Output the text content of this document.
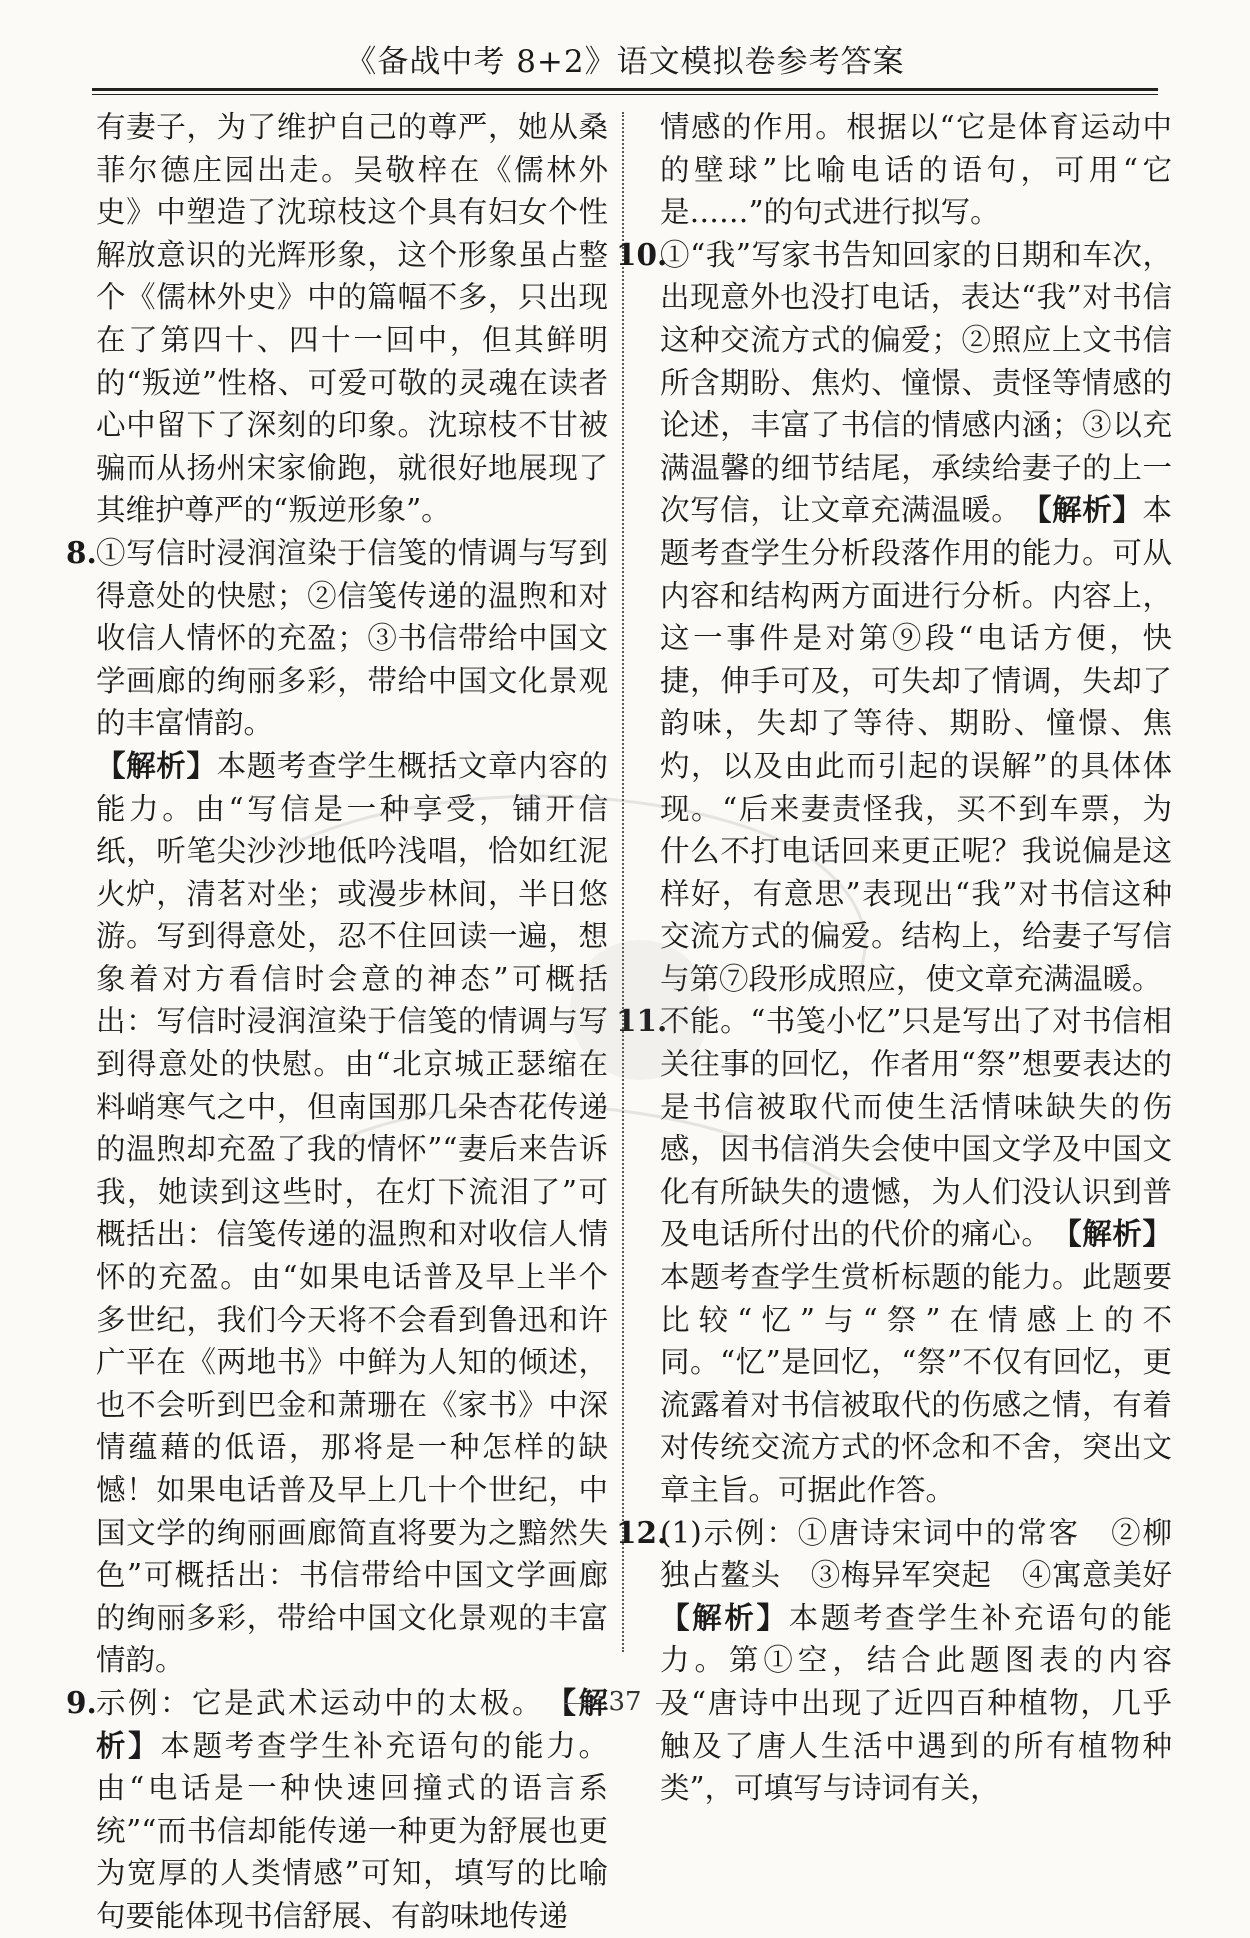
《备战中考 8+2》语文模拟卷参考答案

有妻子，为了维护自己的尊严，她从桑菲尔德庄园出走。吴敬梓在《儒林外史》中塑造了沈琼枝这个具有妇女个性解放意识的光辉形象，这个形象虽占整个《儒林外史》中的篇幅不多，只出现在了第四十、四十一回中，但其鲜明的“叛逆”性格、可爱可敬的灵魂在读者心中留下了深刻的印象。沈琼枝不甘被骗而从扬州宋家偷跑，就很好地展现了其维护尊严的“叛逆形象”。

8. ①写信时浸润渲染于信笺的情调与写到得意处的快慰；②信笺传递的温煦和对收信人情怀的充盈；③书信带给中国文学画廊的绚丽多彩，带给中国文化景观的丰富情韵。

【解析】本题考查学生概括文章内容的能力。由“写信是一种享受，铺开信纸，听笔尖沙沙地低吟浅唱，恰如红泥火炉，清茗对坐；或漫步林间，半日悠游。写到得意处，忍不住回读一遍，想象着对方看信时会意的神态”可概括出：写信时浸润渲染于信笺的情调与写到得意处的快慰。由“北京城正瑟缩在料峭寒气之中，但南国那几朵杏花传递的温煦却充盈了我的情怀”“妻后来告诉我，她读到这些时，在灯下流泪了”可概括出：信笺传递的温煦和对收信人情怀的充盈。由“如果电话普及早上半个多世纪，我们今天将不会看到鲁迅和许广平在《两地书》中鲜为人知的倾述，也不会听到巴金和萧珊在《家书》中深情蕴藉的低语，那将是一种怎样的缺憾！如果电话普及早上几十个世纪，中国文学的绚丽画廊简直将要为之黯然失色”可概括出：书信带给中国文学画廊的绚丽多彩，带给中国文化景观的丰富情韵。

9. 示例：它是武术运动中的太极。　 【解析】本题考查学生补充语句的能力。由“电话是一种快速回撞式的语言系统”“而书信却能传递一种更为舒展也更为宽厚的人类情感”可知，填写的比喻句要能体现书信舒展、有韵味地传递

情感的作用。根据以“它是体育运动中的壁球”比喻电话的语句，可用“它是……”的句式进行拟写。

10.

①“我”写家书告知回家的日期和车次，出现意外也没打电话，表达“我”对书信这种交流方式的偏爱；②照应上文书信所含期盼、焦灼、憧憬、责怪等情感的论述，丰富了书信的情感内涵；③以充满温馨的细节结尾，承续给妻子的上一次写信，让文章充满温暖。　 【解析】本题考查学生分析段落作用的能力。可从内容和结构两方面进行分析。内容上，这一事件是对第⑨段“电话方便，快捷，伸手可及，可失却了情调，失却了韵味，失却了等待、期盼、憧憬、焦灼，以及由此而引起的误解”的具体体现。“后来妻责怪我，买不到车票，为什么不打电话回来更正呢？我说偏是这样好，有意思”表现出“我”对书信这种交流方式的偏爱。结构上，给妻子写信与第⑦段形成照应，使文章充满温暖。

11.

不能。“书笺小忆”只是写出了对书信相关往事的回忆，作者用“祭”想要表达的是书信被取代而使生活情味缺失的伤感，因书信消失会使中国文学及中国文化有所缺失的遗憾，为人们没认识到普及电话所付出的代价的痛心。　 【解析】本题考查学生赏析标题的能力。此题要比较“忆”与“祭”在情感上的不同。“忆”是回忆，“祭”不仅有回忆，更流露着对书信被取代的伤感之情，有着对传统交流方式的怀念和不舍，突出文章主旨。可据此作答。

12.

(1)示例：①唐诗宋词中的常客　②柳独占鳌头　③梅异军突起　④寓意美好　【解析】本题考查学生补充语句的能力。第①空，结合此题图表的内容及“唐诗中出现了近四百种植物，几乎触及了唐人生活中遇到的所有植物种类”，可填写与诗词有关，

37
